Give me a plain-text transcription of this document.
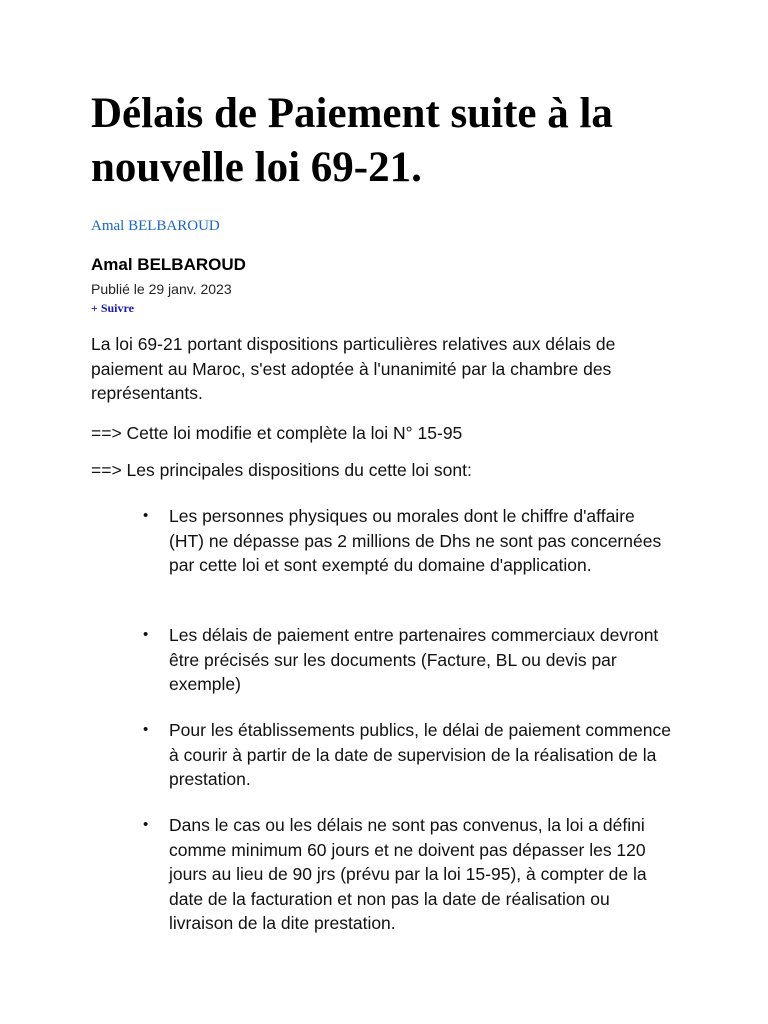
Délais de Paiement suite à la nouvelle loi 69-21.
Amal BELBAROUD
Amal BELBAROUD
Publié le 29 janv. 2023
+ Suivre

La loi 69-21 portant dispositions particulières relatives aux délais de paiement au Maroc, s'est adoptée à l'unanimité par la chambre des représentants.

==> Cette loi modifie et complète la loi N° 15-95

==> Les principales dispositions du cette loi sont:

• Les personnes physiques ou morales dont le chiffre d'affaire (HT) ne dépasse pas 2 millions de Dhs ne sont pas concernées par cette loi et sont exempté du domaine d'application.

• Les délais de paiement entre partenaires commerciaux devront être précisés sur les documents (Facture, BL ou devis par exemple)

• Pour les établissements publics, le délai de paiement commence à courir à partir de la date de supervision de la réalisation de la prestation.

• Dans le cas ou les délais ne sont pas convenus, la loi a défini comme minimum 60 jours et ne doivent pas dépasser les 120 jours au lieu de 90 jrs (prévu par la loi 15-95), à compter de la date de la facturation et non pas la date de réalisation ou livraison de la dite prestation.
